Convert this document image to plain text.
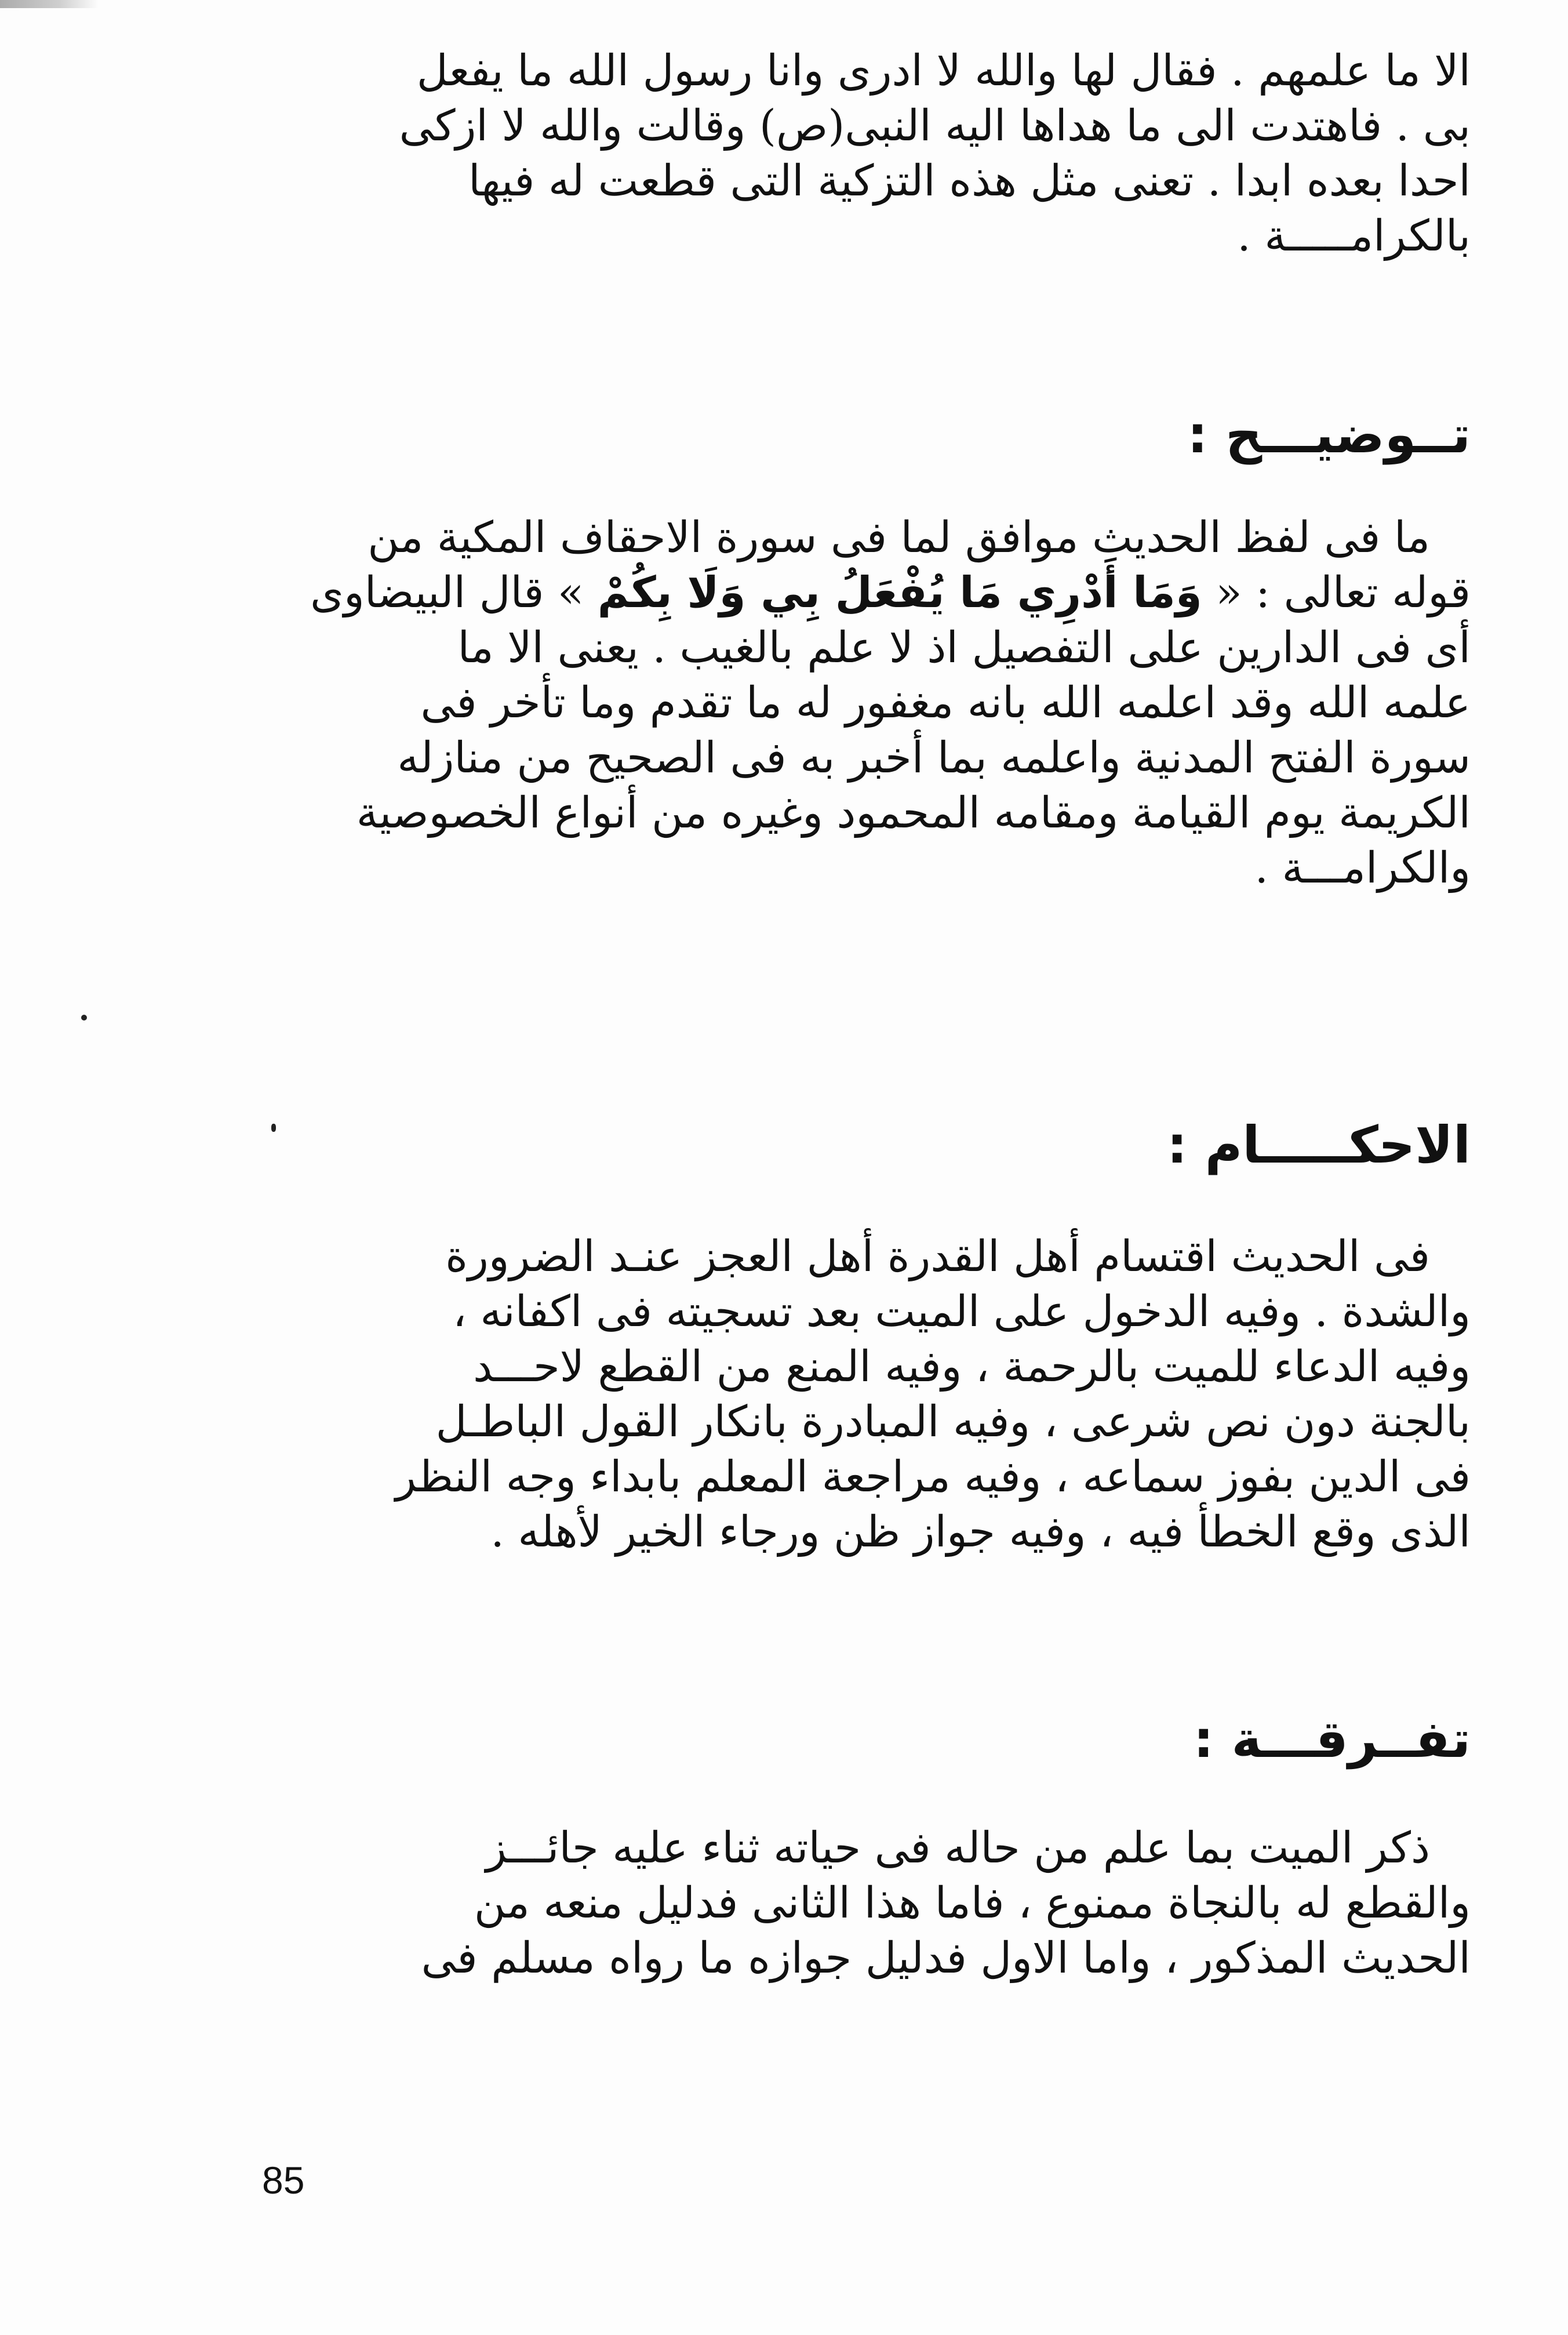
الا ما علمهم . فقال لها والله لا ادرى وانا رسول الله ما يفعل

بى . فاهتدت الى ما هداها اليه النبى(ص) وقالت والله لا ازكى

احدا بعده ابدا . تعنى مثل هذه التزكية التى قطعت له فيها

بالكرامـــــة .

تــوضيـــح :

ما فى لفظ الحديث موافق لما فى سورة الاحقاف المكية من

قوله تعالى : « وَمَا أَدْرِي مَا يُفْعَلُ بِي وَلَا بِكُمْ » قال البيضاوى

أى فى الدارين على التفصيل اذ لا علم بالغيب . يعنى الا ما

علمه الله وقد اعلمه الله بانه مغفور له ما تقدم وما تأخر فى

سورة الفتح المدنية واعلمه بما أخبر به فى الصحيح من منازله

الكريمة يوم القيامة ومقامه المحمود وغيره من أنواع الخصوصية

والكرامـــة .

الاحكـــــام :

فى الحديث اقتسام أهل القدرة أهل العجز عنـد الضرورة

والشدة . وفيه الدخول على الميت بعد تسجيته فى اكفانه ،

وفيه الدعاء للميت بالرحمة ، وفيه المنع من القطع لاحـــد

بالجنة دون نص شرعى ، وفيه المبادرة بانكار القول الباطـل

فى الدين بفوز سماعه ، وفيه مراجعة المعلم بابداء وجه النظر

الذى وقع الخطأ فيه ، وفيه جواز ظن ورجاء الخير لأهله .

تفــرقـــة :

ذكر الميت بما علم من حاله فى حياته ثناء عليه جائـــز

والقطع له بالنجاة ممنوع ، فاما هذا الثانى فدليل منعه من

الحديث المذكور ، واما الاول فدليل جوازه ما رواه مسلم فى

85
